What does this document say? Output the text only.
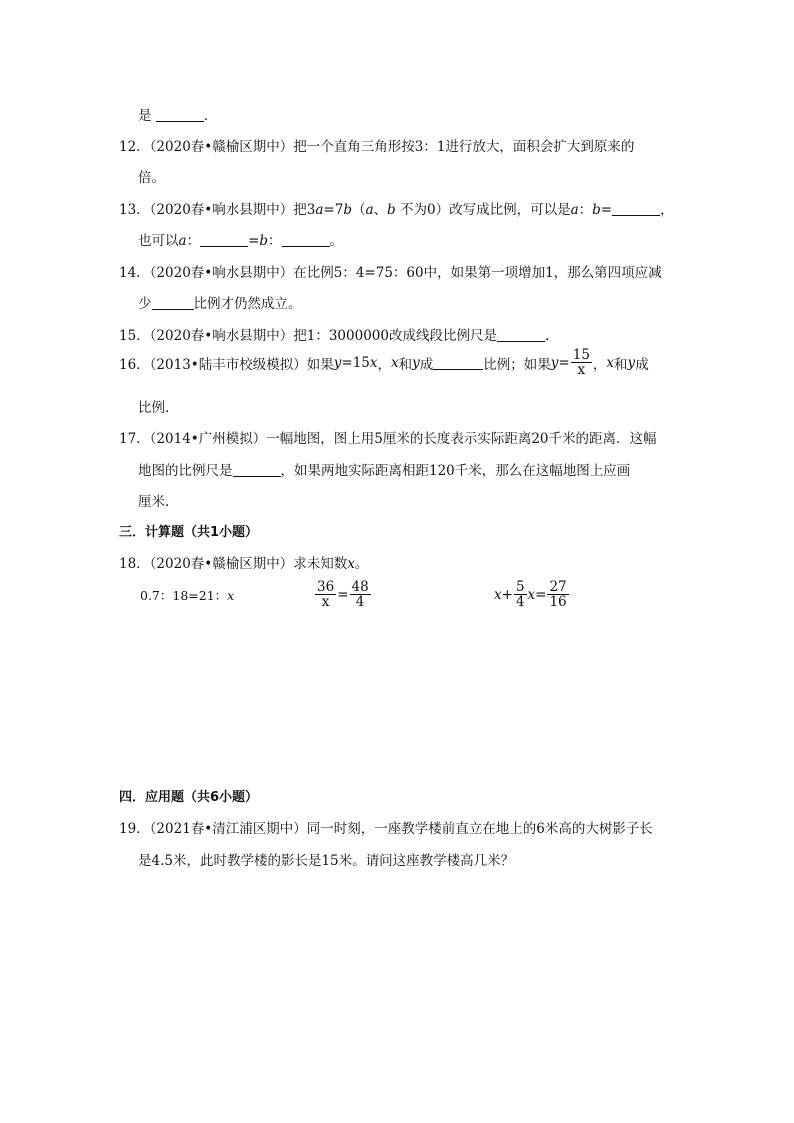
是	.
12．（2020春•赣榆区期中）把一个直角三角形按3：1进行放大，面积会扩大到原来的
倍。
13．（2020春•响水县期中）把3a=7b（a、b 不为0）改写成比例，可以是a：b=	，
也可以a：	=b：	。
14．（2020春•响水县期中）在比例5：4=75：60中，如果第一项增加1，那么第四项应减
少	比例才仍然成立。
15．（2020春•响水县期中）把1：3000000改成线段比例尺是	.
16．（2013•陆丰市校级模拟）如果 y =15 x ， x 和 y 成	比例；如果 $y = \frac{15}{x}$ ， x 和 y 成
比例.
17．（2014•广州模拟）一幅地图，图上用5厘米的长度表示实际距离20千米的距离．这幅
地图的比例尺是	，如果两地实际距离相距120千米，那么在这幅地图上应画
厘米.
三．计算题（共1小题）
18．（2020春•赣榆区期中）求未知数x。
0.7：18=21： x	$\frac{36}{x} = \frac{48}{4}$	$x + \frac{5}{4}$ $x = \frac{27}{16}$
四．应用题（共6小题）
19．（2021春•清江浦区期中）同一时刻，一座教学楼前直立在地上的6米高的大树影子长
是4.5米，此时教学楼的影长是15米。请问这座教学楼高几米？
